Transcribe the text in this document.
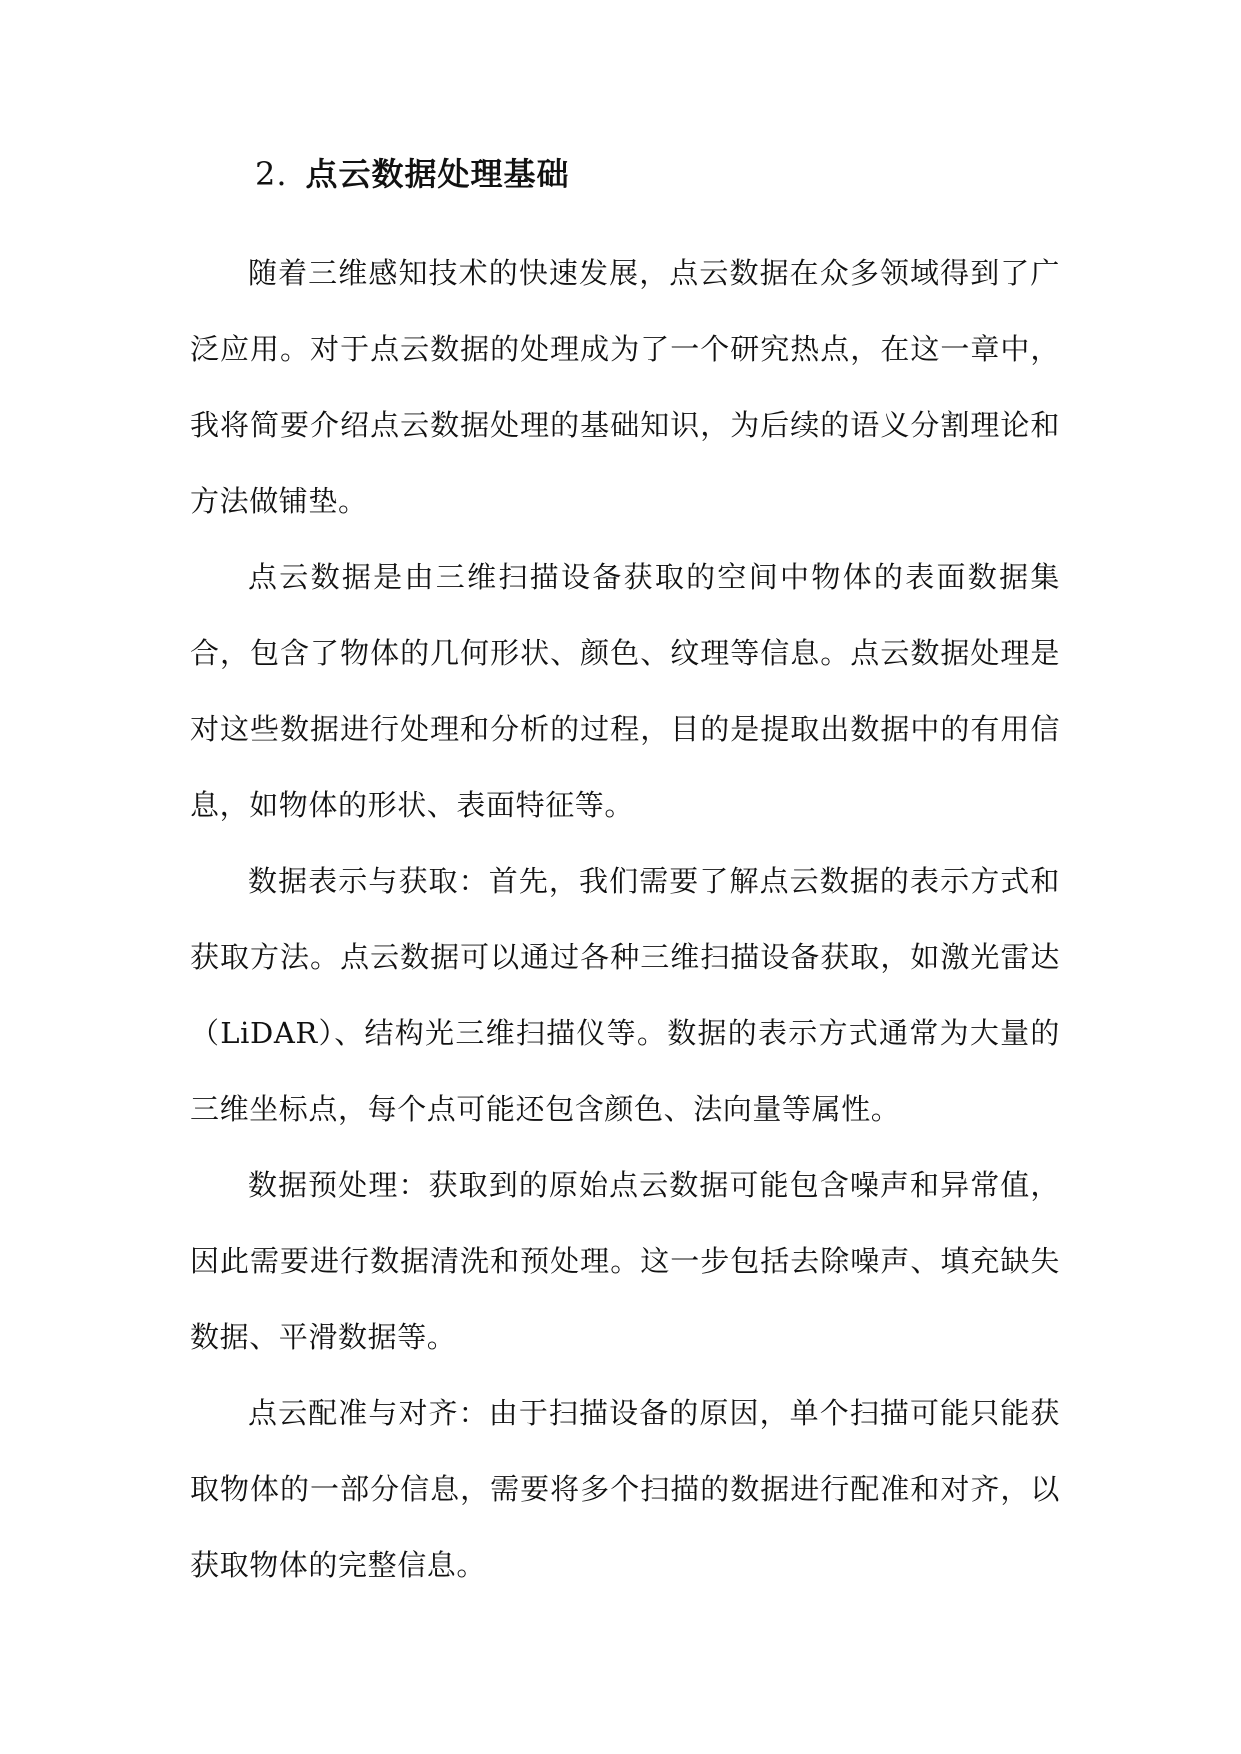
2. 点云数据处理基础

随着三维感知技术的快速发展，点云数据在众多领域得到了广泛应用。对于点云数据的处理成为了一个研究热点，在这一章中，我将简要介绍点云数据处理的基础知识，为后续的语义分割理论和方法做铺垫。

点云数据是由三维扫描设备获取的空间中物体的表面数据集合，包含了物体的几何形状、颜色、纹理等信息。点云数据处理是对这些数据进行处理和分析的过程，目的是提取出数据中的有用信息，如物体的形状、表面特征等。

数据表示与获取：首先，我们需要了解点云数据的表示方式和获取方法。点云数据可以通过各种三维扫描设备获取，如激光雷达（LiDAR）、结构光三维扫描仪等。数据的表示方式通常为大量的三维坐标点，每个点可能还包含颜色、法向量等属性。

数据预处理：获取到的原始点云数据可能包含噪声和异常值，因此需要进行数据清洗和预处理。这一步包括去除噪声、填充缺失数据、平滑数据等。

点云配准与对齐：由于扫描设备的原因，单个扫描可能只能获取物体的一部分信息，需要将多个扫描的数据进行配准和对齐，以获取物体的完整信息。
